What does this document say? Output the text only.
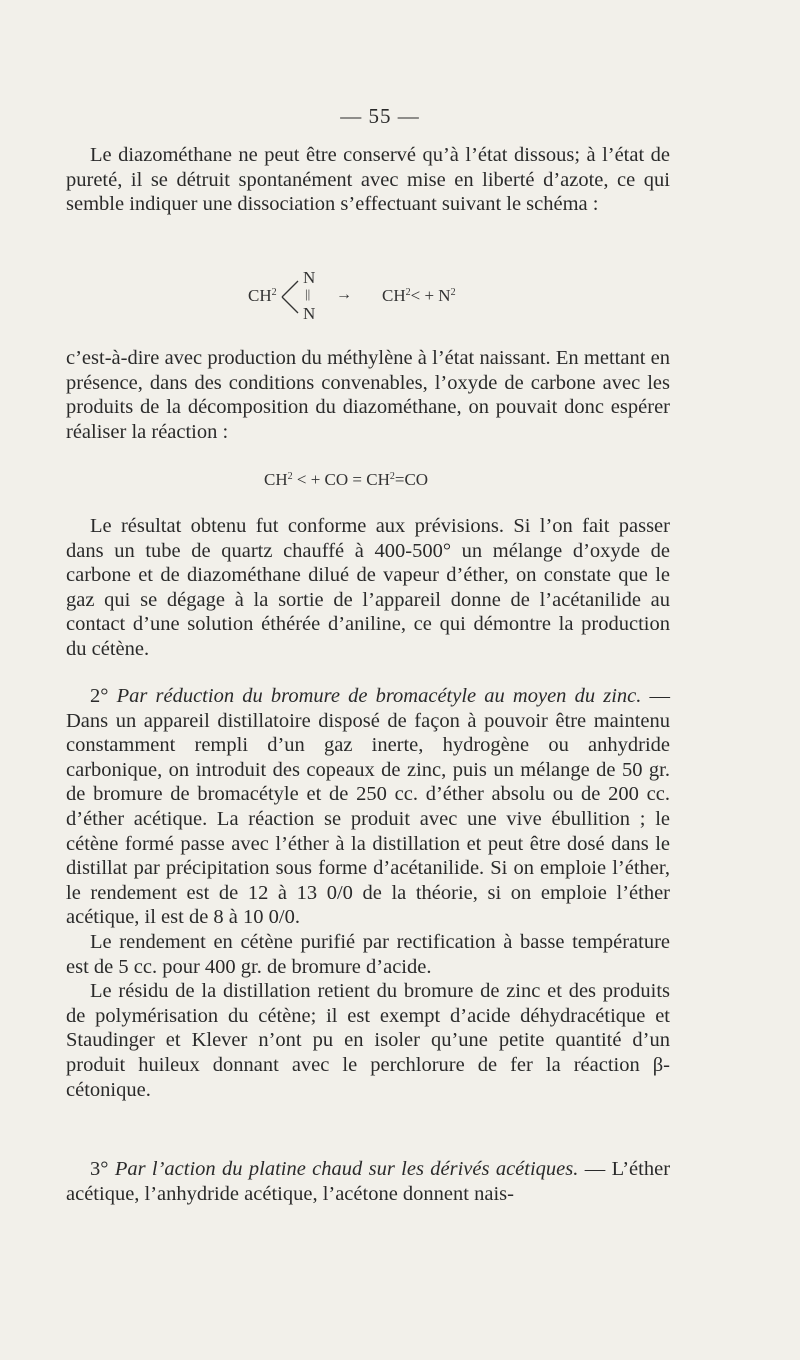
— 55 —

Le diazométhane ne peut être conservé qu’à l’état dissous; à l’état de pureté, il se détruit spontanément avec mise en liberté d’azote, ce qui semble indiquer une dissociation s’effectuant suivant le schéma :

$CH^2$
N
||
N
→ $CH^2< + N^2$

c’est-à-dire avec production du méthylène à l’état naissant. En mettant en présence, dans des conditions convenables, l’oxyde de carbone avec les produits de la décomposition du diazométhane, on pouvait donc espérer réaliser la réaction :

$CH^2$ < + CO = $CH^2=CO$

Le résultat obtenu fut conforme aux prévisions. Si l’on fait passer dans un tube de quartz chauffé à 400-500° un mélange d’oxyde de carbone et de diazométhane dilué de vapeur d’éther, on constate que le gaz qui se dégage à la sortie de l’appareil donne de l’acétanilide au contact d’une solution éthérée d’aniline, ce qui démontre la production du cétène.

2° Par réduction du bromure de bromacétyle au moyen du zinc. — Dans un appareil distillatoire disposé de façon à pouvoir être maintenu constamment rempli d’un gaz inerte, hydrogène ou anhydride carbonique, on introduit des copeaux de zinc, puis un mélange de 50 gr. de bromure de bromacétyle et de 250 cc. d’éther absolu ou de 200 cc. d’éther acétique. La réaction se produit avec une vive ébullition ; le cétène formé passe avec l’éther à la distillation et peut être dosé dans le distillat par précipitation sous forme d’acétanilide. Si on emploie l’éther, le rendement est de 12 à 13 0/0 de la théorie, si on emploie l’éther acétique, il est de 8 à 10 0/0.

Le rendement en cétène purifié par rectification à basse température est de 5 cc. pour 400 gr. de bromure d’acide.

Le résidu de la distillation retient du bromure de zinc et des produits de polymérisation du cétène; il est exempt d’acide déhydracétique et Staudinger et Klever n’ont pu en isoler qu’une petite quantité d’un produit huileux donnant avec le perchlorure de fer la réaction β-cétonique.

3° Par l’action du platine chaud sur les dérivés acétiques. — L’éther acétique, l’anhydride acétique, l’acétone donnent nais-
